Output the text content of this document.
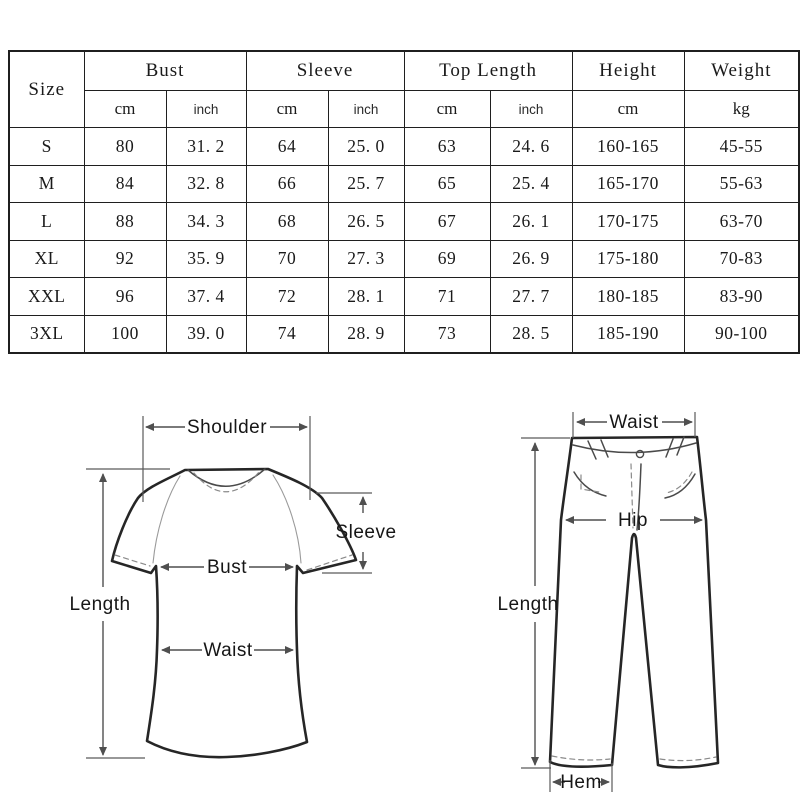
Size	Bust		Sleeve		Top Length		Height	Weight
	cm	inch	cm	inch	cm	inch	cm	kg
S	80	31. 2	64	25. 0	63	24. 6	160-165	45-55
M	84	32. 8	66	25. 7	65	25. 4	165-170	55-63
L	88	34. 3	68	26. 5	67	26. 1	170-175	63-70
XL	92	35. 9	70	27. 3	69	26. 9	175-180	70-83
XXL	96	37. 4	72	28. 1	71	27. 7	180-185	83-90
3XL	100	39. 0	74	28. 9	73	28. 5	185-190	90-100
Shoulder
Sleeve
Bust
Waist
Length
Waist
Hip
Length
Hem
